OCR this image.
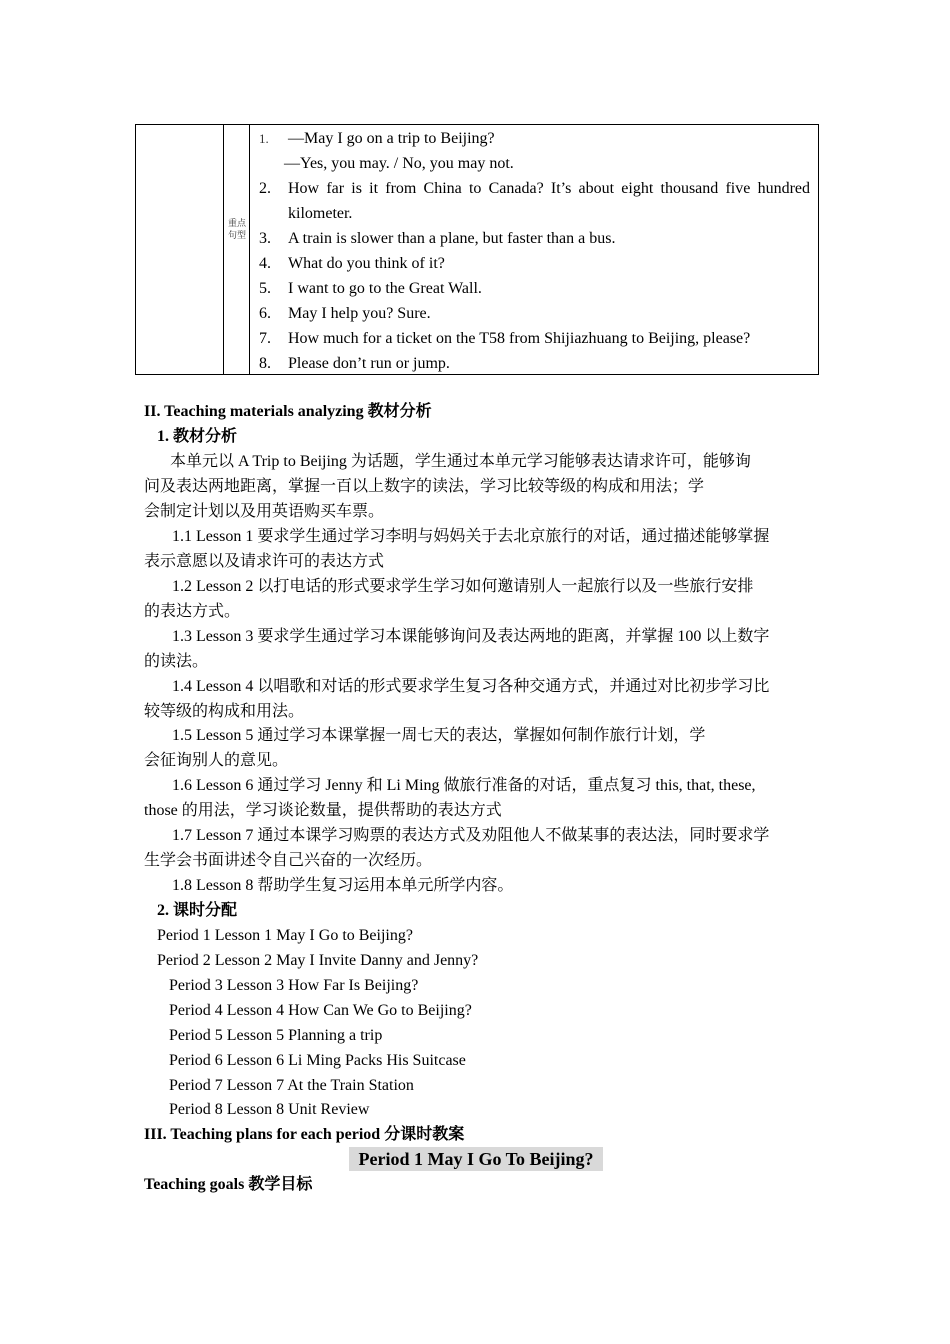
重点句型
1. —May I go on a trip to Beijing?
—Yes, you may. / No, you may not.
2. How far is it from China to Canada? It’s about eight thousand five hundred kilometer.
3. A train is slower than a plane, but faster than a bus.
4. What do you think of it?
5. I want to go to the Great Wall.
6. May I help you? Sure.
7. How much for a ticket on the T58 from Shijiazhuang to Beijing, please?
8. Please don’t run or jump.
II. Teaching materials analyzing 教材分析
1. 教材分析
本单元以 A Trip to Beijing 为话题，学生通过本单元学习能够表达请求许可，能够询
问及表达两地距离，掌握一百以上数字的读法，学习比较等级的构成和用法；学
会制定计划以及用英语购买车票。
1.1 Lesson 1 要求学生通过学习李明与妈妈关于去北京旅行的对话，通过描述能够掌握
表示意愿以及请求许可的表达方式
1.2 Lesson 2 以打电话的形式要求学生学习如何邀请别人一起旅行以及一些旅行安排
的表达方式。
1.3 Lesson 3 要求学生通过学习本课能够询问及表达两地的距离，并掌握 100 以上数字
的读法。
1.4 Lesson 4 以唱歌和对话的形式要求学生复习各种交通方式，并通过对比初步学习比
较等级的构成和用法。
1.5 Lesson 5 通过学习本课掌握一周七天的表达，掌握如何制作旅行计划，学
会征询别人的意见。
1.6 Lesson 6 通过学习 Jenny 和 Li Ming 做旅行准备的对话，重点复习 this, that, these,
those 的用法，学习谈论数量，提供帮助的表达方式
1.7 Lesson 7 通过本课学习购票的表达方式及劝阻他人不做某事的表达法，同时要求学
生学会书面讲述令自己兴奋的一次经历。
1.8 Lesson 8 帮助学生复习运用本单元所学内容。
2. 课时分配
Period 1 Lesson 1 May I Go to Beijing?
Period 2 Lesson 2 May I Invite Danny and Jenny?
Period 3 Lesson 3 How Far Is Beijing?
Period 4 Lesson 4 How Can We Go to Beijing?
Period 5 Lesson 5 Planning a trip
Period 6 Lesson 6 Li Ming Packs His Suitcase
Period 7 Lesson 7 At the Train Station
Period 8 Lesson 8 Unit Review
III. Teaching plans for each period 分课时教案
Period 1 May I Go To Beijing?
Teaching goals 教学目标
